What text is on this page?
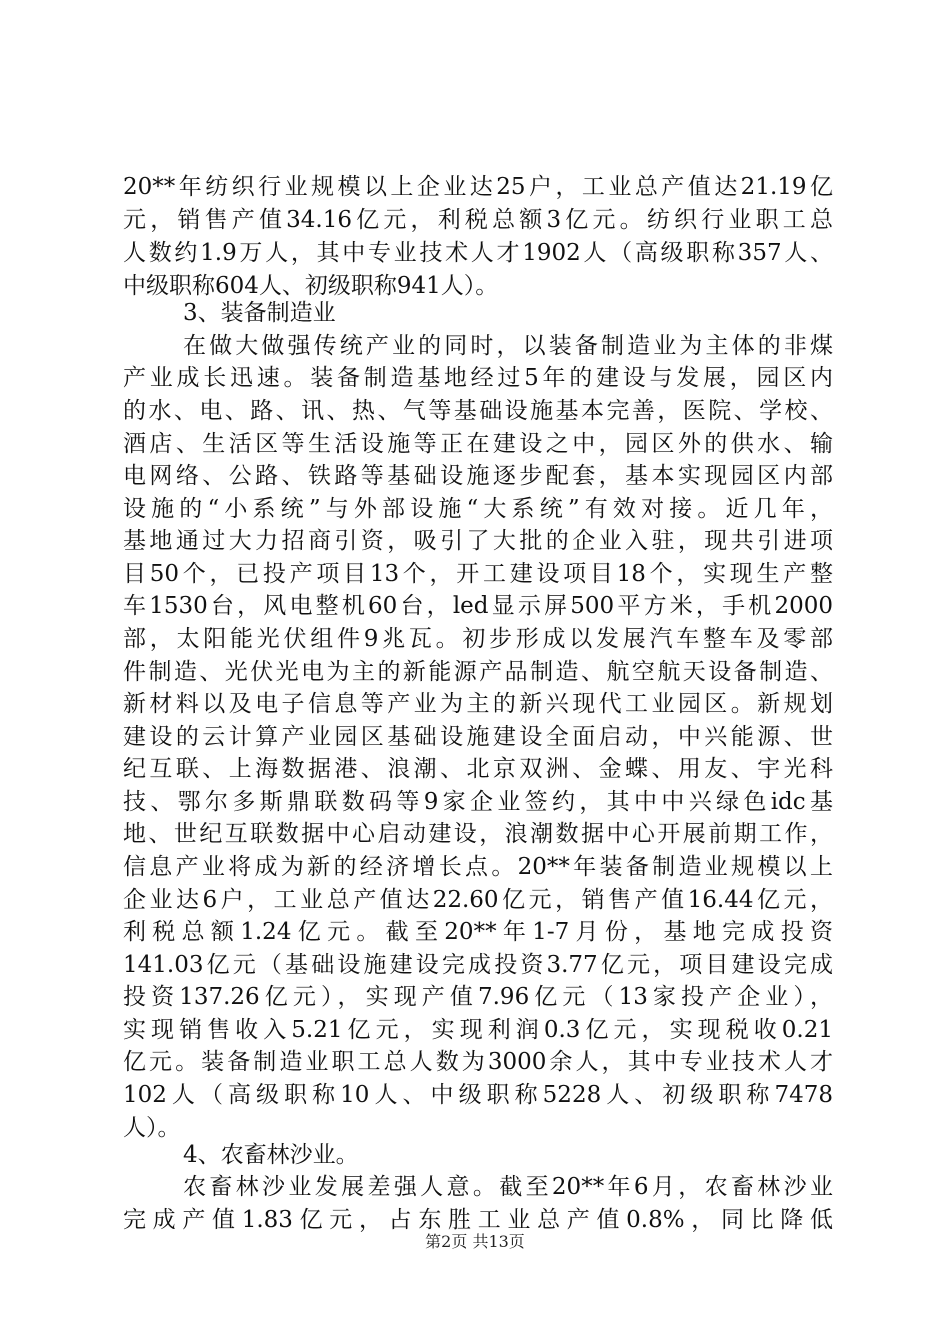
20**年纺织行业规模以上企业达25户，工业总产值达21.19亿
元，销售产值34.16亿元，利税总额3亿元。纺织行业职工总
人数约1.9万人，其中专业技术人才1902人（高级职称357人、
中级职称604人、初级职称941人）。
3、装备制造业
在做大做强传统产业的同时，以装备制造业为主体的非煤
产业成长迅速。装备制造基地经过5年的建设与发展，园区内
的水、电、路、讯、热、气等基础设施基本完善，医院、学校、
酒店、生活区等生活设施等正在建设之中，园区外的供水、输
电网络、公路、铁路等基础设施逐步配套，基本实现园区内部
设施的“小系统”与外部设施“大系统”有效对接。近几年，
基地通过大力招商引资，吸引了大批的企业入驻，现共引进项
目50个，已投产项目13个，开工建设项目18个，实现生产整
车1530台，风电整机60台，led显示屏500平方米，手机2000
部，太阳能光伏组件9兆瓦。初步形成以发展汽车整车及零部
件制造、光伏光电为主的新能源产品制造、航空航天设备制造、
新材料以及电子信息等产业为主的新兴现代工业园区。新规划
建设的云计算产业园区基础设施建设全面启动，中兴能源、世
纪互联、上海数据港、浪潮、北京双洲、金蝶、用友、宇光科
技、鄂尔多斯鼎联数码等9家企业签约，其中中兴绿色idc基
地、世纪互联数据中心启动建设，浪潮数据中心开展前期工作，
信息产业将成为新的经济增长点。20**年装备制造业规模以上
企业达6户，工业总产值达22.60亿元，销售产值16.44亿元，
利税总额1.24亿元。截至20**年1-7月份，基地完成投资
141.03亿元（基础设施建设完成投资3.77亿元，项目建设完成
投资137.26亿元），实现产值7.96亿元（13家投产企业），
实现销售收入5.21亿元，实现利润0.3亿元，实现税收0.21
亿元。装备制造业职工总人数为3000余人，其中专业技术人才
102人（高级职称10人、中级职称5228人、初级职称7478
人）。
4、农畜林沙业。
农畜林沙业发展差强人意。截至20**年6月，农畜林沙业
完成产值1.83亿元，占东胜工业总产值0.8%，同比降低
第2页 共13页
